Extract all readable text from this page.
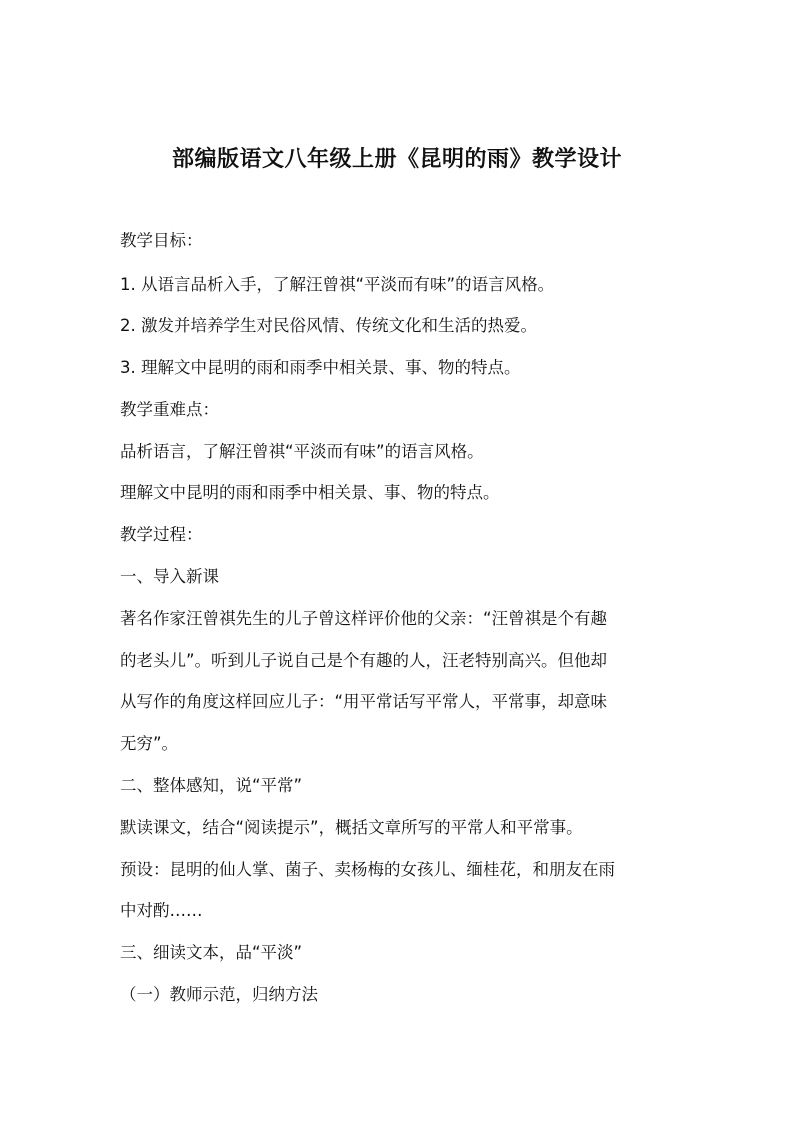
部编版语文八年级上册《昆明的雨》教学设计
教学目标：
1. 从语言品析入手，了解汪曾祺“平淡而有味”的语言风格。
2. 激发并培养学生对民俗风情、传统文化和生活的热爱。
3. 理解文中昆明的雨和雨季中相关景、事、物的特点。
教学重难点：
品析语言，了解汪曾祺“平淡而有味”的语言风格。
理解文中昆明的雨和雨季中相关景、事、物的特点。
教学过程：
一、导入新课
著名作家汪曾祺先生的儿子曾这样评价他的父亲：“汪曾祺是个有趣
的老头儿”。听到儿子说自己是个有趣的人，汪老特别高兴。但他却
从写作的角度这样回应儿子：“用平常话写平常人，平常事，却意味
无穷”。
二、整体感知，说“平常”
默读课文，结合“阅读提示”，概括文章所写的平常人和平常事。
预设：昆明的仙人掌、菌子、卖杨梅的女孩儿、缅桂花，和朋友在雨
中对酌……
三、细读文本，品“平淡”
（一）教师示范，归纳方法
